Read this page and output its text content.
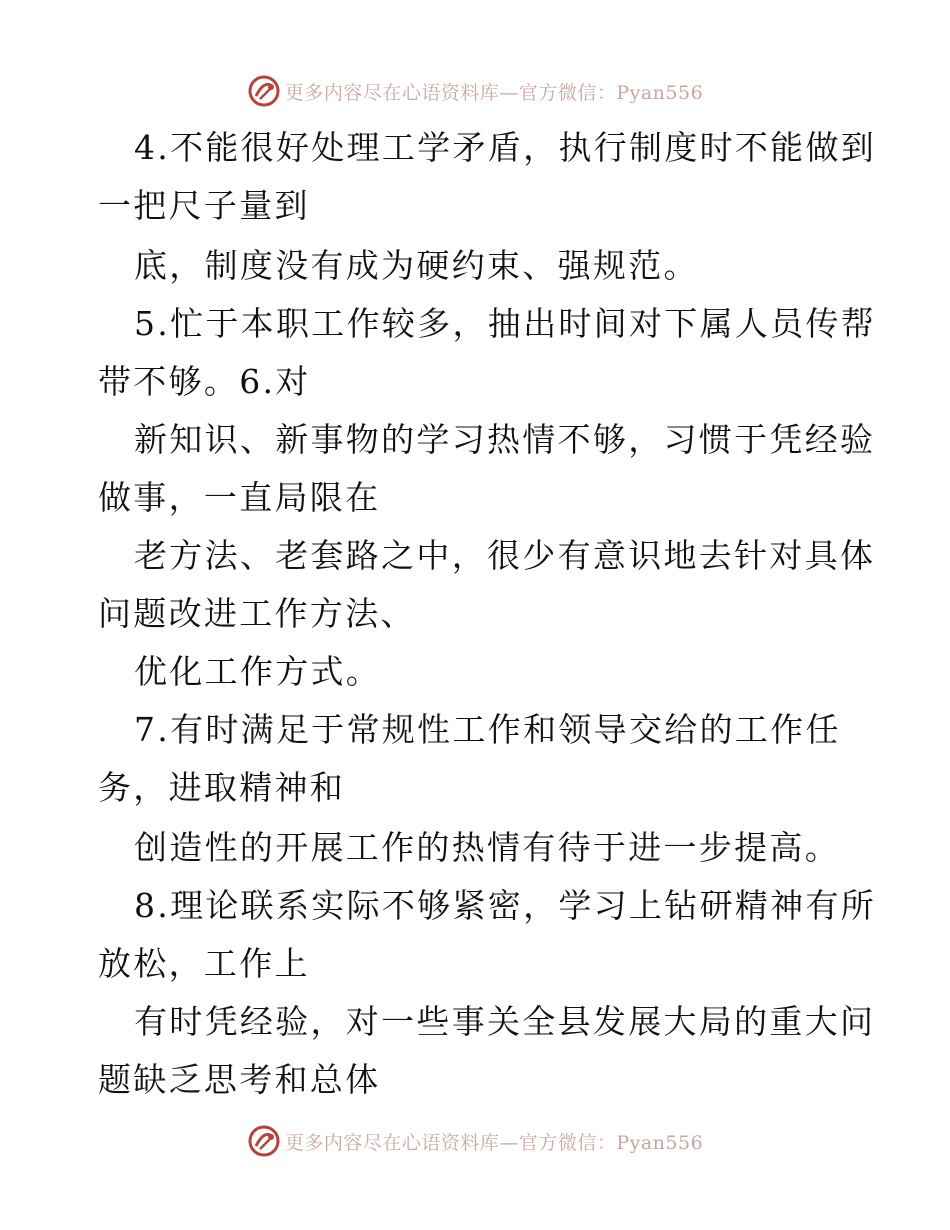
更多内容尽在心语资料库—官方微信：Pyan556
4.不能很好处理工学矛盾，执行制度时不能做到
一把尺子量到
底，制度没有成为硬约束、强规范。
5.忙于本职工作较多，抽出时间对下属人员传帮
带不够。6.对
新知识、新事物的学习热情不够，习惯于凭经验
做事，一直局限在
老方法、老套路之中，很少有意识地去针对具体
问题改进工作方法、
优化工作方式。
7.有时满足于常规性工作和领导交给的工作任
务，进取精神和
创造性的开展工作的热情有待于进一步提高。
8.理论联系实际不够紧密，学习上钻研精神有所
放松，工作上
有时凭经验，对一些事关全县发展大局的重大问
题缺乏思考和总体
更多内容尽在心语资料库—官方微信：Pyan556
